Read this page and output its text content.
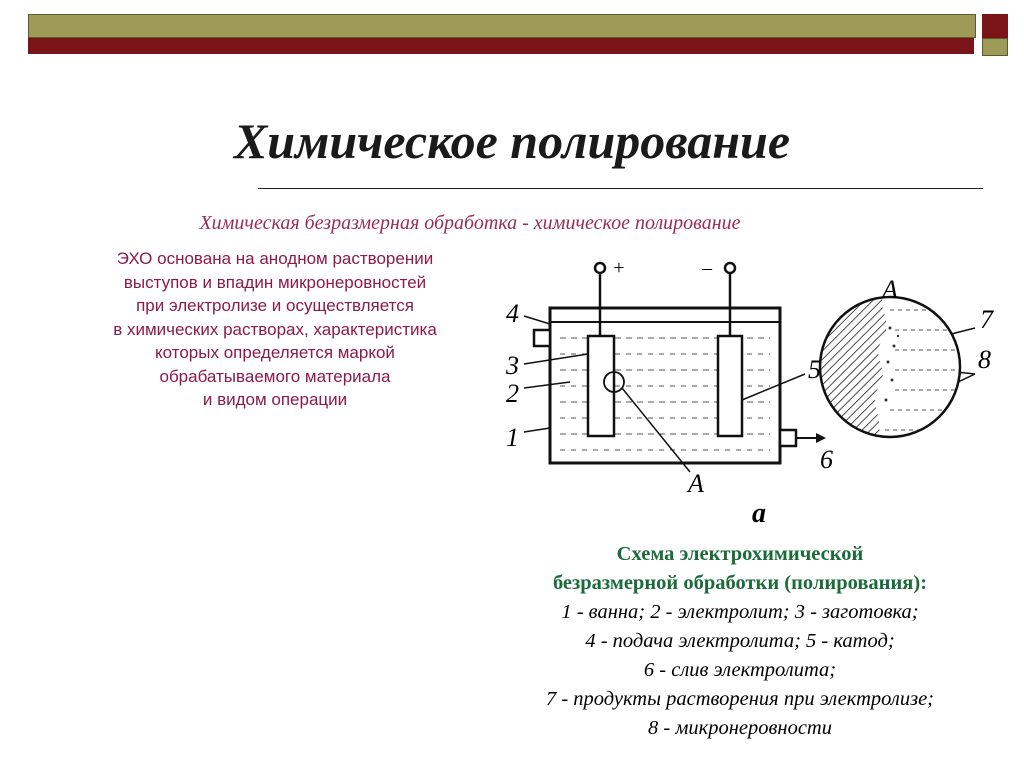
Химическое полирование
Химическая безразмерная обработка - химическое полирование
ЭХО основана на анодном растворении
выступов и впадин микронеровностей
при электролизе и осуществляется
в химических растворах, характеристика
которых определяется маркой
обрабатываемого материала
и видом операции
+	–
4
3
2
1
5
6
A
A
7
8
a
Схема электрохимической
безразмерной обработки (полирования):
1 - ванна; 2 - электролит; 3 - заготовка;
4 - подача электролита; 5 - катод;
6 - слив электролита;
7 - продукты растворения при электролизе;
8 - микронеровности
